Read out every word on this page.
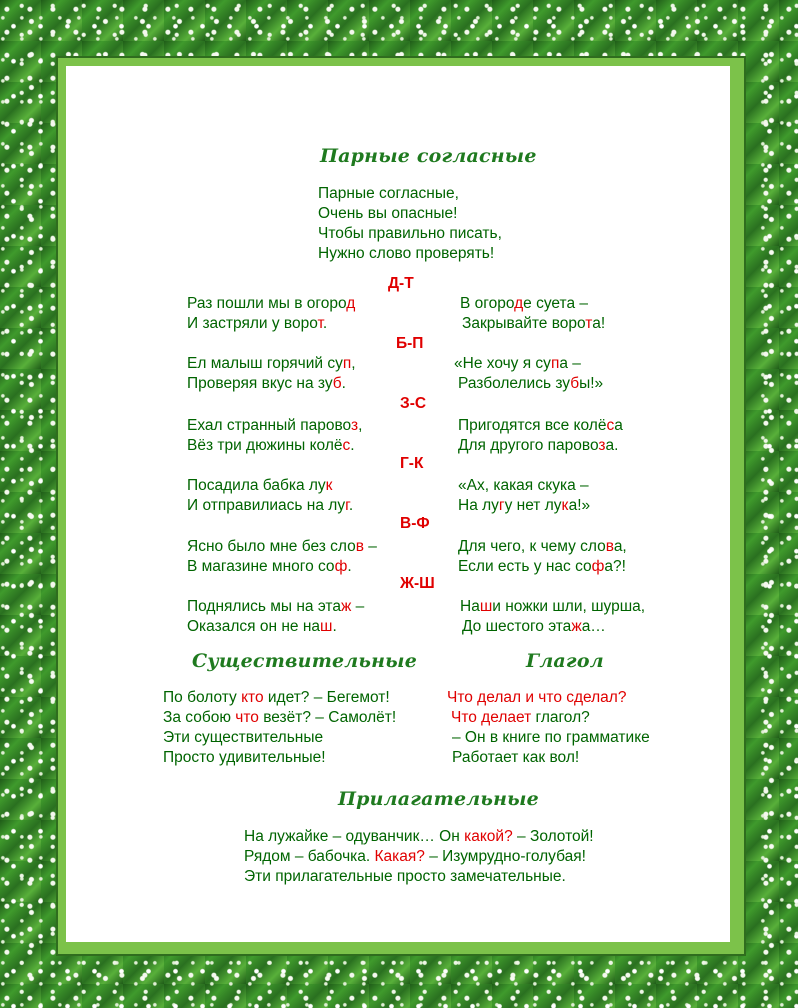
Парные согласные
Парные согласные,
Очень вы опасные!
Чтобы правильно писать,
Нужно слово проверять!
Д-Т
Раз пошли мы в огород
И застряли у ворот.
В огороде суета –
Закрывайте ворота!
Б-П
Ел малыш горячий суп,
Проверяя вкус на зуб.
«Не хочу я супа –
Разболелись зубы!»
З-С
Ехал странный паровоз,
Вёз три дюжины колёс.
Пригодятся все колёса
Для другого паровоза.
Г-К
Посадила бабка лук
И отправилиась на луг.
«Ах, какая скука –
На лугу нет лука!»
В-Ф
Ясно было мне без слов –
В магазине много соф.
Для чего, к чему слова,
Если есть у нас софа?!
Ж-Ш
Поднялись мы на этаж –
Оказался он не наш.
Наши ножки шли, шурша,
До шестого этажа…
Существительные	Глагол
По болоту кто идет? – Бегемот!
За собою что везёт? – Самолёт!
Эти существительные
Просто удивительные!
Что делал и что сделал?
Что делает глагол?
– Он в книге по грамматике
Работает как вол!
Прилагательные
На лужайке – одуванчик… Он какой? – Золотой!
Рядом – бабочка. Какая? – Изумрудно-голубая!
Эти прилагательные просто замечательные.
